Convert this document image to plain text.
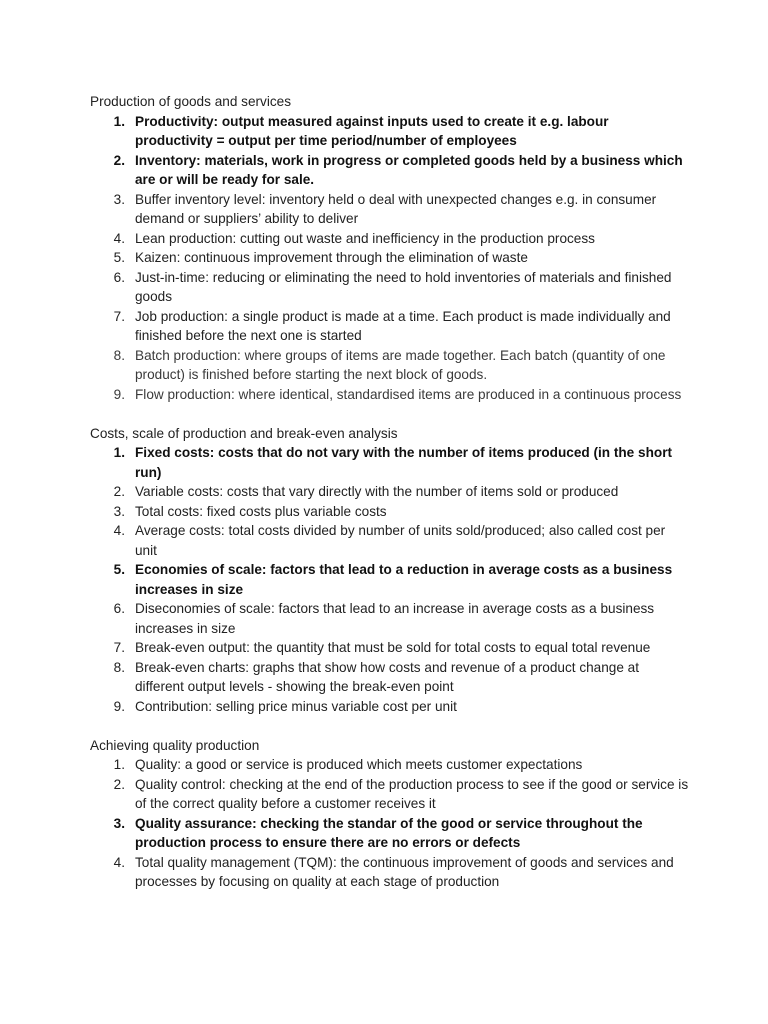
Production of goods and services

1. Productivity: output measured against inputs used to create it e.g. labour productivity = output per time period/number of employees
2. Inventory: materials, work in progress or completed goods held by a business which are or will be ready for sale.
3. Buffer inventory level: inventory held o deal with unexpected changes e.g. in consumer demand or suppliers’ ability to deliver
4. Lean production: cutting out waste and inefficiency in the production process
5. Kaizen: continuous improvement through the elimination of waste
6. Just-in-time: reducing or eliminating the need to hold inventories of materials and finished goods
7. Job production: a single product is made at a time. Each product is made individually and finished before the next one is started
8. Batch production: where groups of items are made together. Each batch (quantity of one product) is finished before starting the next block of goods.
9. Flow production: where identical, standardised items are produced in a continuous process

Costs, scale of production and break-even analysis

1. Fixed costs: costs that do not vary with the number of items produced (in the short run)
2. Variable costs: costs that vary directly with the number of items sold or produced
3. Total costs: fixed costs plus variable costs
4. Average costs: total costs divided by number of units sold/produced; also called cost per unit
5. Economies of scale: factors that lead to a reduction in average costs as a business increases in size
6. Diseconomies of scale: factors that lead to an increase in average costs as a business increases in size
7. Break-even output: the quantity that must be sold for total costs to equal total revenue
8. Break-even charts: graphs that show how costs and revenue of a product change at different output levels - showing the break-even point
9. Contribution: selling price minus variable cost per unit

Achieving quality production

1. Quality: a good or service is produced which meets customer expectations
2. Quality control: checking at the end of the production process to see if the good or service is of the correct quality before a customer receives it
3. Quality assurance: checking the standar of the good or service throughout the production process to ensure there are no errors or defects
4. Total quality management (TQM): the continuous improvement of goods and services and processes by focusing on quality at each stage of production
